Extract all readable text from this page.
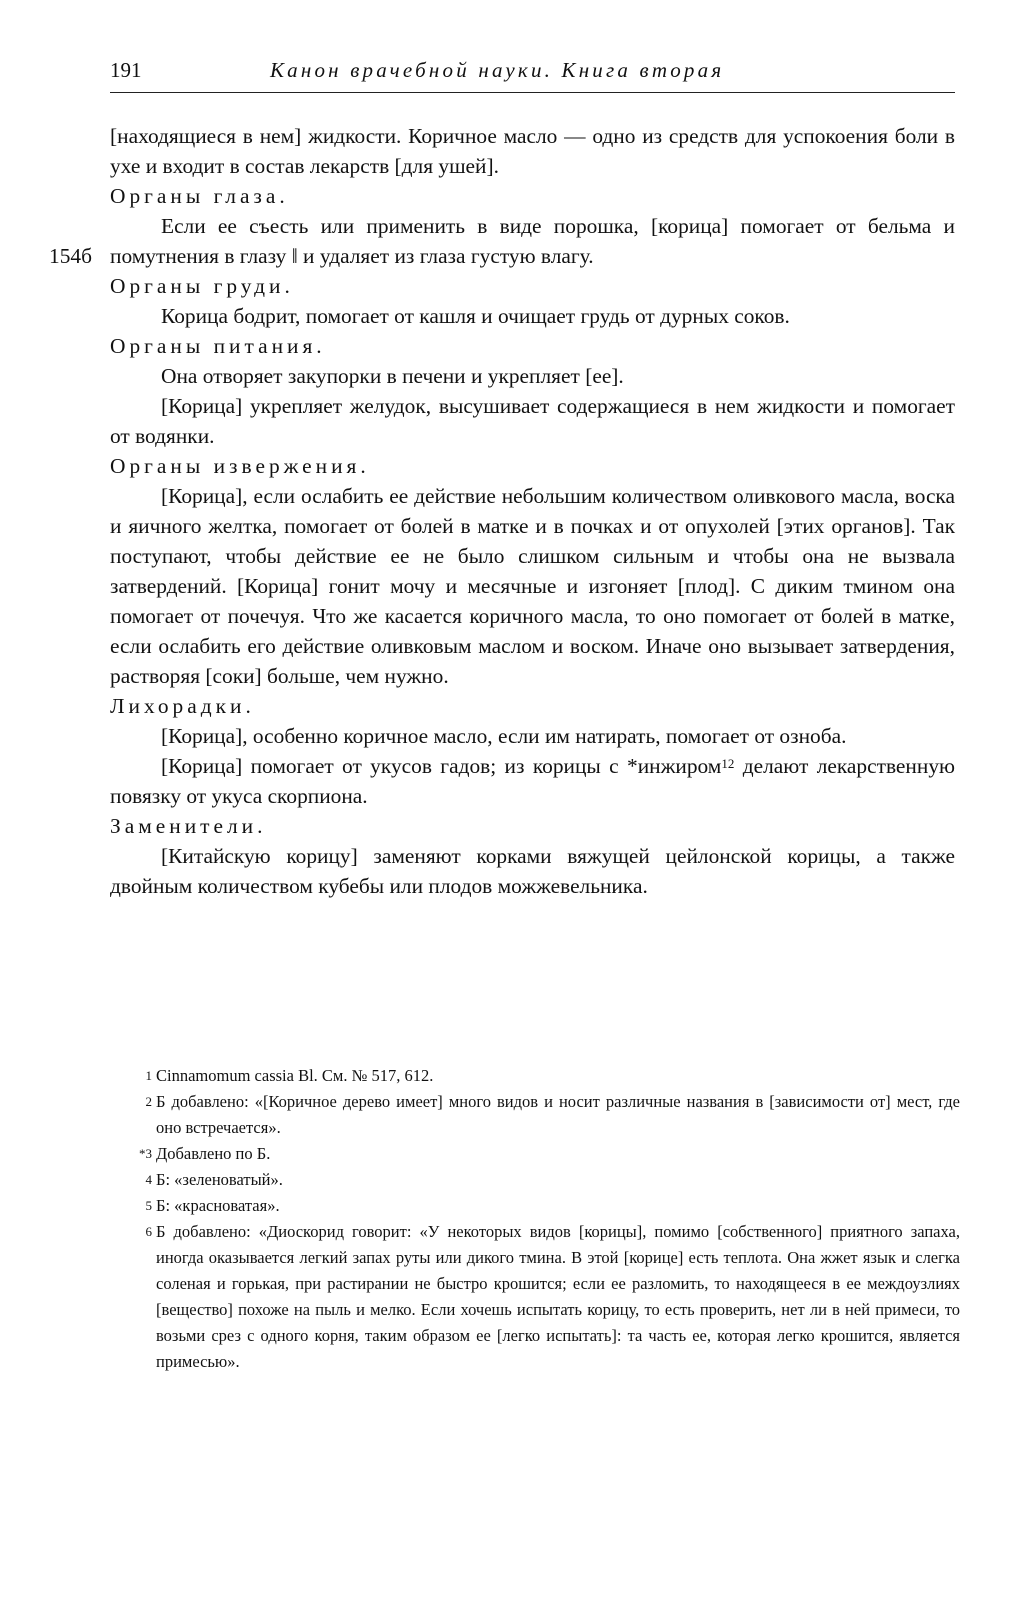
191	Канон врачебной науки. Книга вторая
154б

[находящиеся в нем] жидкости. Коричное масло — одно из средств для успокоения боли в ухе и входит в состав лекарств [для ушей].

Органы глаза.

Если ее съесть или применить в виде порошка, [корица] помогает от бельма и помутнения в глазу ‖ и удаляет из глаза густую влагу.

Органы груди.

Корица бодрит, помогает от кашля и очищает грудь от дурных соков.

Органы питания.

Она отворяет закупорки в печени и укрепляет [ее].

[Корица] укрепляет желудок, высушивает содержащиеся в нем жидкости и помогает от водянки.

Органы извержения.

[Корица], если ослабить ее действие небольшим количеством оливкового масла, воска и яичного желтка, помогает от болей в матке и в почках и от опухолей [этих органов]. Так поступают, чтобы действие ее не было слишком сильным и чтобы она не вызвала затвердений. [Корица] гонит мочу и месячные и изгоняет [плод]. С диким тмином она помогает от почечуя. Что же касается коричного масла, то оно помогает от болей в матке, если ослабить его действие оливковым маслом и воском. Иначе оно вызывает затвердения, растворяя [соки] больше, чем нужно.

Лихорадки.

[Корица], особенно коричное масло, если им натирать, помогает от озноба.

[Корица] помогает от укусов гадов; из корицы с *инжиром$^{12}$ делают лекарственную повязку от укуса скорпиона.

Заменители.

[Китайскую корицу] заменяют корками вяжущей цейлонской корицы, а также двойным количеством кубебы или плодов можжевельника.

1 Cinnamomum cassia Bl. См. № 517, 612.

2 Б добавлено: «[Коричное дерево имеет] много видов и носит различные названия в [зависимости от] мест, где оно встречается».

*3 Добавлено по Б.

4 Б: «зеленоватый».

5 Б: «красноватая».

6 Б добавлено: «Диоскорид говорит: «У некоторых видов [корицы], помимо [собственного] приятного запаха, иногда оказывается легкий запах руты или дикого тмина. В этой [корице] есть теплота. Она жжет язык и слегка соленая и горькая, при растирании не быстро крошится; если ее разломить, то находящееся в ее междоузлиях [вещество] похоже на пыль и мелко. Если хочешь испытать корицу, то есть проверить, нет ли в ней примеси, то возьми срез с одного корня, таким образом ее [легко испытать]: та часть ее, которая легко крошится, является примесью».
